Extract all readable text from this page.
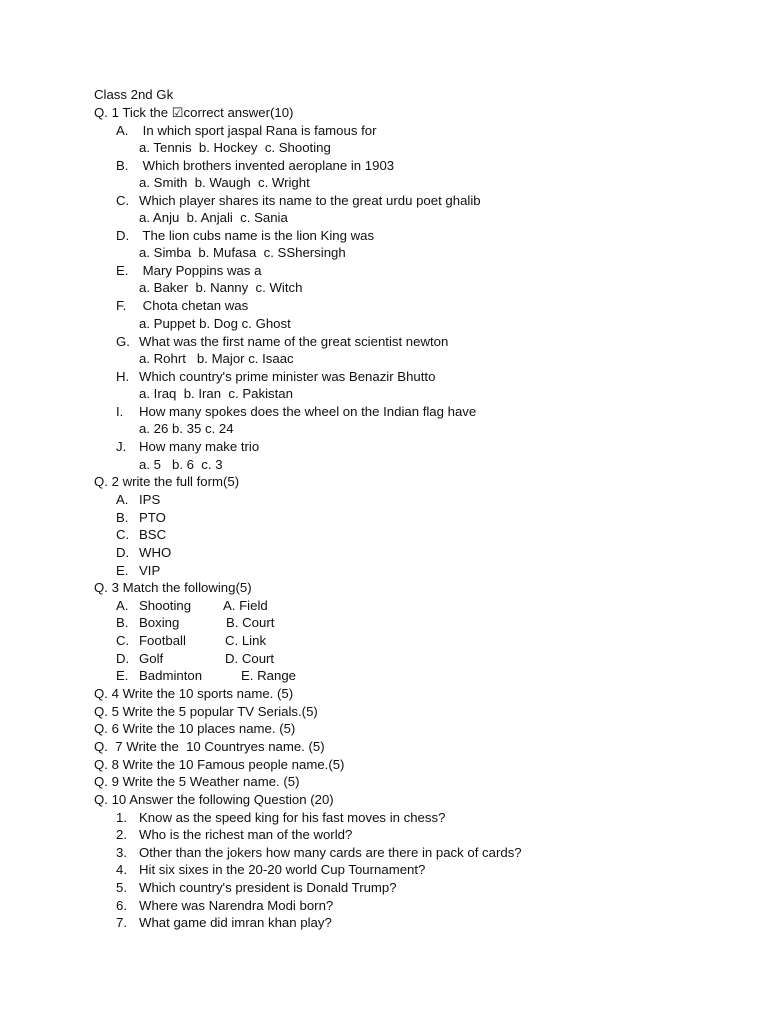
Class 2nd Gk
Q. 1 Tick the ☑correct answer(10)
A. In which sport jaspal Rana is famous for
a. Tennis  b. Hockey  c. Shooting
B. Which brothers invented aeroplane in 1903
a. Smith  b. Waugh  c. Wright
C. Which player shares its name to the great urdu poet ghalib
a. Anju  b. Anjali  c. Sania
D. The lion cubs name is the lion King was
a. Simba  b. Mufasa  c. SShersingh
E. Mary Poppins was a
a. Baker  b. Nanny  c. Witch
F. Chota chetan was
a. Puppet b. Dog c. Ghost
G. What was the first name of the great scientist newton
a. Rohrt   b. Major c. Isaac
H. Which country's prime minister was Benazir Bhutto
a. Iraq  b. Iran  c. Pakistan
I. How many spokes does the wheel on the Indian flag have
a. 26 b. 35 c. 24
J. How many make trio
a. 5   b. 6  c. 3
Q. 2 write the full form(5)
A. IPS
B. PTO
C. BSC
D. WHO
E. VIP
Q. 3 Match the following(5)
A. Shooting A. Field
B. Boxing	B. Court
C. Football	C. Link
D. Golf	D. Court
E. Badminton	E. Range
Q. 4 Write the 10 sports name. (5)
Q. 5 Write the 5 popular TV Serials.(5)
Q. 6 Write the 10 places name. (5)
Q.  7 Write the  10 Countryes name. (5)
Q. 8 Write the 10 Famous people name.(5)
Q. 9 Write the 5 Weather name. (5)
Q. 10 Answer the following Question (20)
1. Know as the speed king for his fast moves in chess?
2. Who is the richest man of the world?
3. Other than the jokers how many cards are there in pack of cards?
4. Hit six sixes in the 20-20 world Cup Tournament?
5. Which country's president is Donald Trump?
6. Where was Narendra Modi born?
7. What game did imran khan play?
